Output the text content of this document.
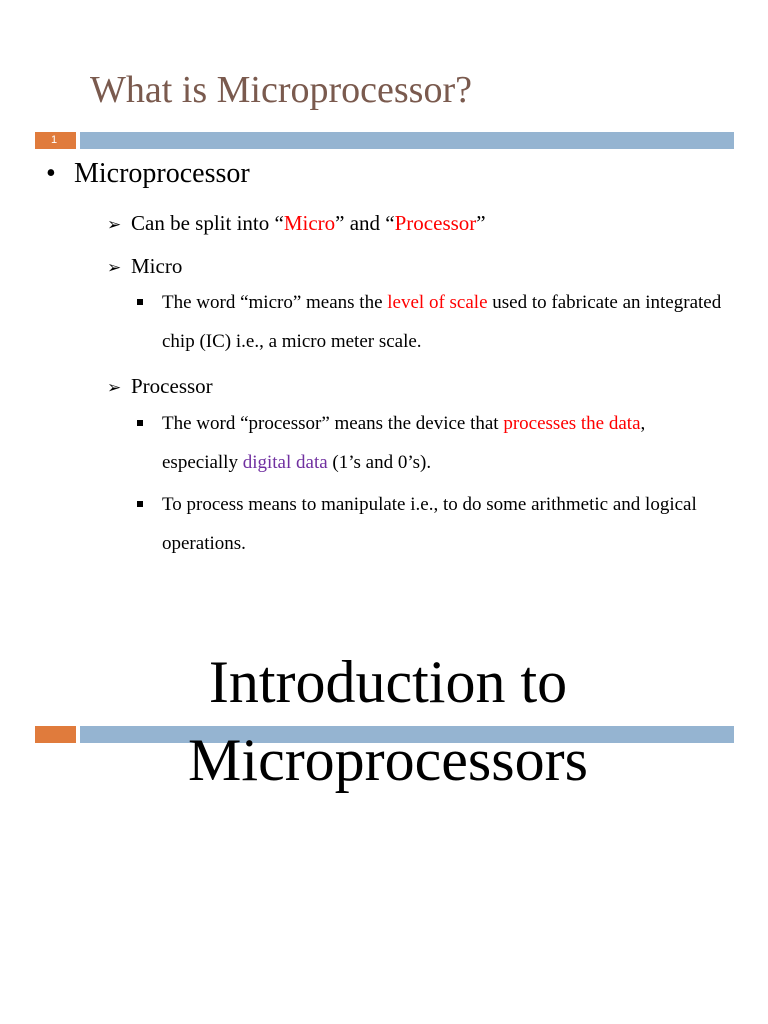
What is Microprocessor?
1
• Microprocessor
➢ Can be split into “Micro” and “Processor”
➢ Micro
The word “micro” means the level of scale used to fabricate an integrated chip (IC) i.e., a micro meter scale.
➢ Processor
The word “processor” means the device that processes the data, especially digital data (1’s and 0’s).
To process means to manipulate i.e., to do some arithmetic and logical operations.
Introduction to
Microprocessors
